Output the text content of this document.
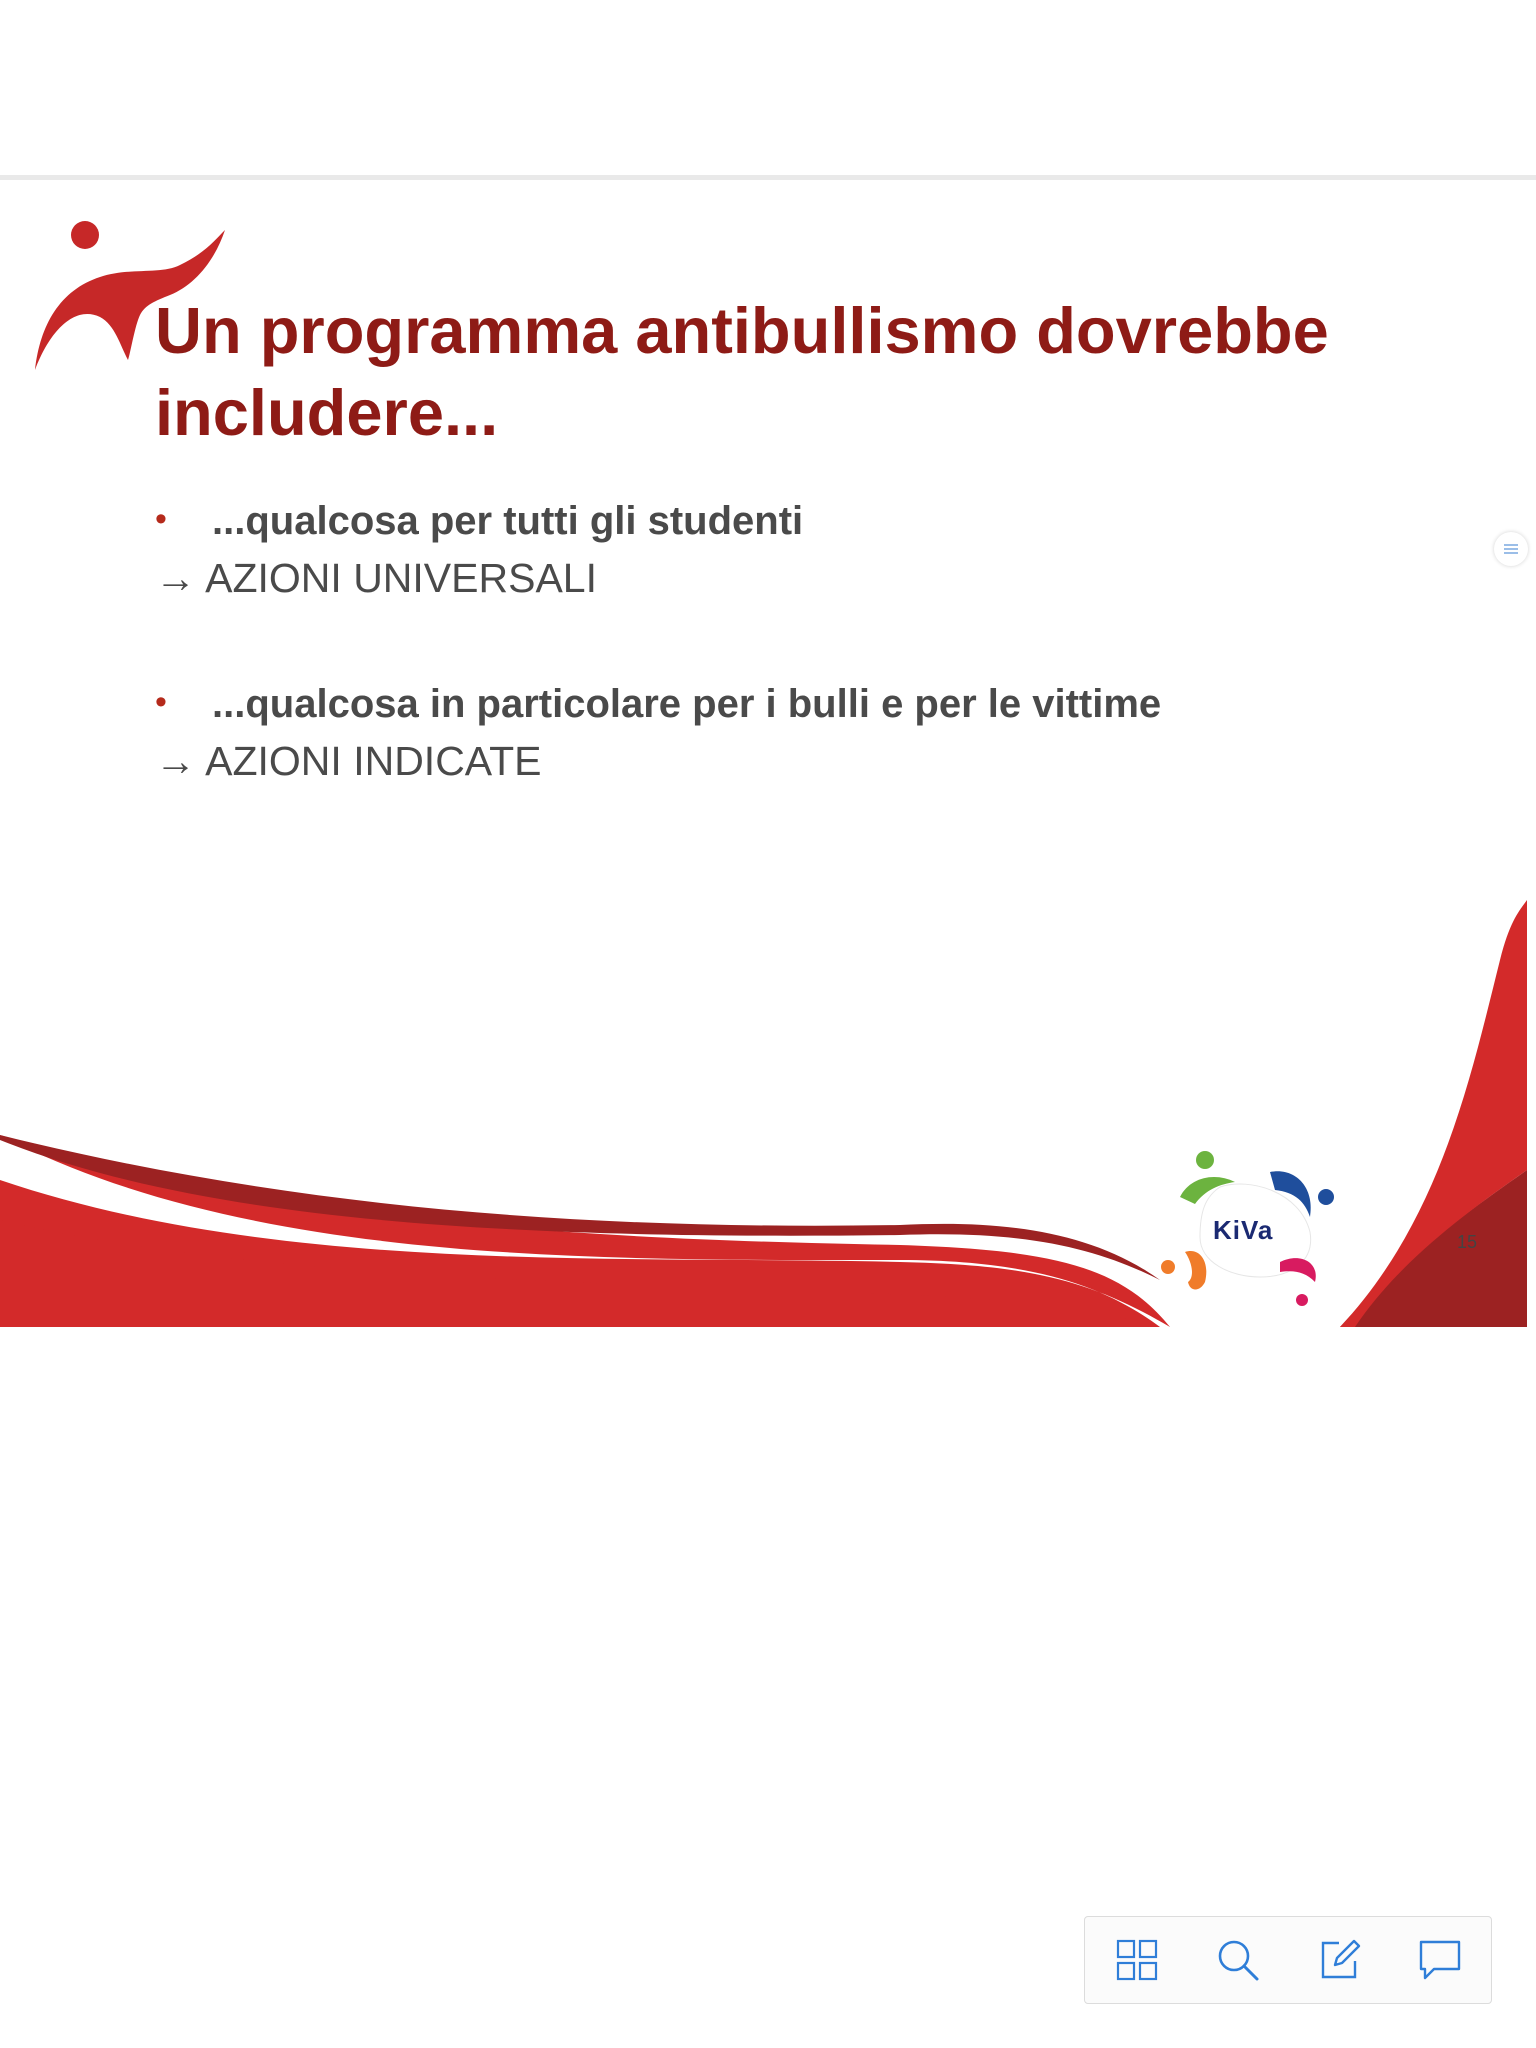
Un programma antibullismo dovrebbe
includere...
• ...qualcosa per tutti gli studenti
→ AZIONI UNIVERSALI
• ...qualcosa in particolare per i bulli e per le vittime
→ AZIONI INDICATE
KiVa	15
